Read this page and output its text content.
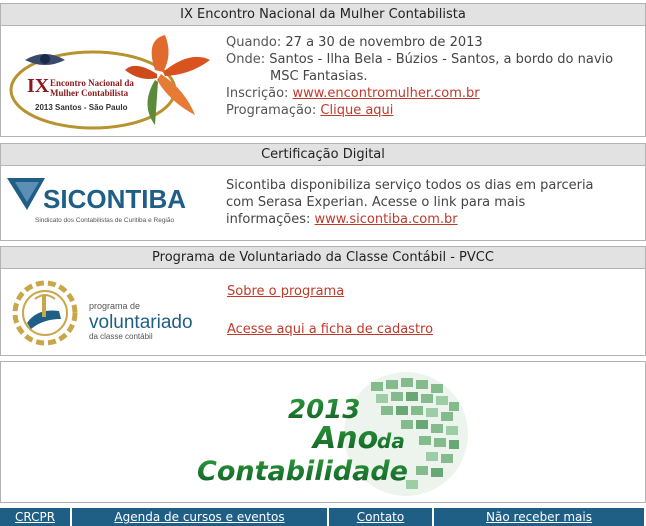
IX Encontro Nacional da Mulher Contabilista
IX Encontro Nacional da
Mulher Contabilista
2013 Santos - São Paulo
Quando: 27 a 30 de novembro de 2013
Onde: Santos - Ilha Bela - Búzios - Santos, a bordo do navio
MSC Fantasias.
Inscrição: www.encontromulher.com.br
Programação: Clique aqui
Certificação Digital
SICONTIBA
Sindicato dos Contabilistas de Curitiba e Região
Sicontiba disponibiliza serviço todos os dias em parceria
com Serasa Experian. Acesse o link para mais
informações: www.sicontiba.com.br
Programa de Voluntariado da Classe Contábil - PVCC
programa de
voluntariado
da classe contábil
Sobre o programa
Acesse aqui a ficha de cadastro
2013
Ano
da
Contabilidade
CRCPR	Agenda de cursos e eventos	Contato	Não receber mais
